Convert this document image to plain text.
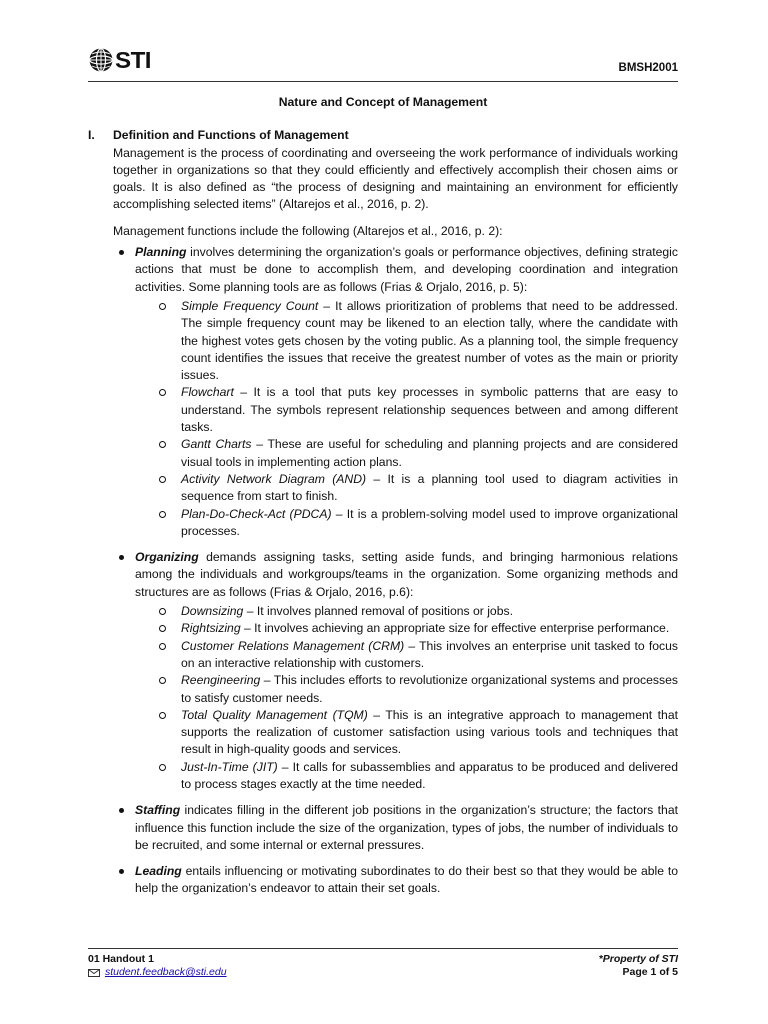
STI	BMSH2001
Nature and Concept of Management
I.	Definition and Functions of Management

Management is the process of coordinating and overseeing the work performance of individuals working together in organizations so that they could efficiently and effectively accomplish their chosen aims or goals. It is also defined as “the process of designing and maintaining an environment for efficiently accomplishing selected items” (Altarejos et al., 2016, p. 2).

Management functions include the following (Altarejos et al., 2016, p. 2):

Planning involves determining the organization’s goals or performance objectives, defining strategic actions that must be done to accomplish them, and developing coordination and integration activities. Some planning tools are as follows (Frias & Orjalo, 2016, p. 5):

Simple Frequency Count – It allows prioritization of problems that need to be addressed. The simple frequency count may be likened to an election tally, where the candidate with the highest votes gets chosen by the voting public. As a planning tool, the simple frequency count identifies the issues that receive the greatest number of votes as the main or priority issues.

Flowchart – It is a tool that puts key processes in symbolic patterns that are easy to understand. The symbols represent relationship sequences between and among different tasks.

Gantt Charts – These are useful for scheduling and planning projects and are considered visual tools in implementing action plans.

Activity Network Diagram (AND) – It is a planning tool used to diagram activities in sequence from start to finish.

Plan-Do-Check-Act (PDCA) – It is a problem-solving model used to improve organizational processes.

Organizing demands assigning tasks, setting aside funds, and bringing harmonious relations among the individuals and workgroups/teams in the organization. Some organizing methods and structures are as follows (Frias & Orjalo, 2016, p.6):

Downsizing – It involves planned removal of positions or jobs.

Rightsizing – It involves achieving an appropriate size for effective enterprise performance.

Customer Relations Management (CRM) – This involves an enterprise unit tasked to focus on an interactive relationship with customers.

Reengineering – This includes efforts to revolutionize organizational systems and processes to satisfy customer needs.

Total Quality Management (TQM) – This is an integrative approach to management that supports the realization of customer satisfaction using various tools and techniques that result in high-quality goods and services.

Just-In-Time (JIT) – It calls for subassemblies and apparatus to be produced and delivered to process stages exactly at the time needed.

Staffing indicates filling in the different job positions in the organization’s structure; the factors that influence this function include the size of the organization, types of jobs, the number of individuals to be recruited, and some internal or external pressures.

Leading entails influencing or motivating subordinates to do their best so that they would be able to help the organization’s endeavor to attain their set goals.

01 Handout 1
student.feedback@sti.edu
*Property of STI
Page 1 of 5
